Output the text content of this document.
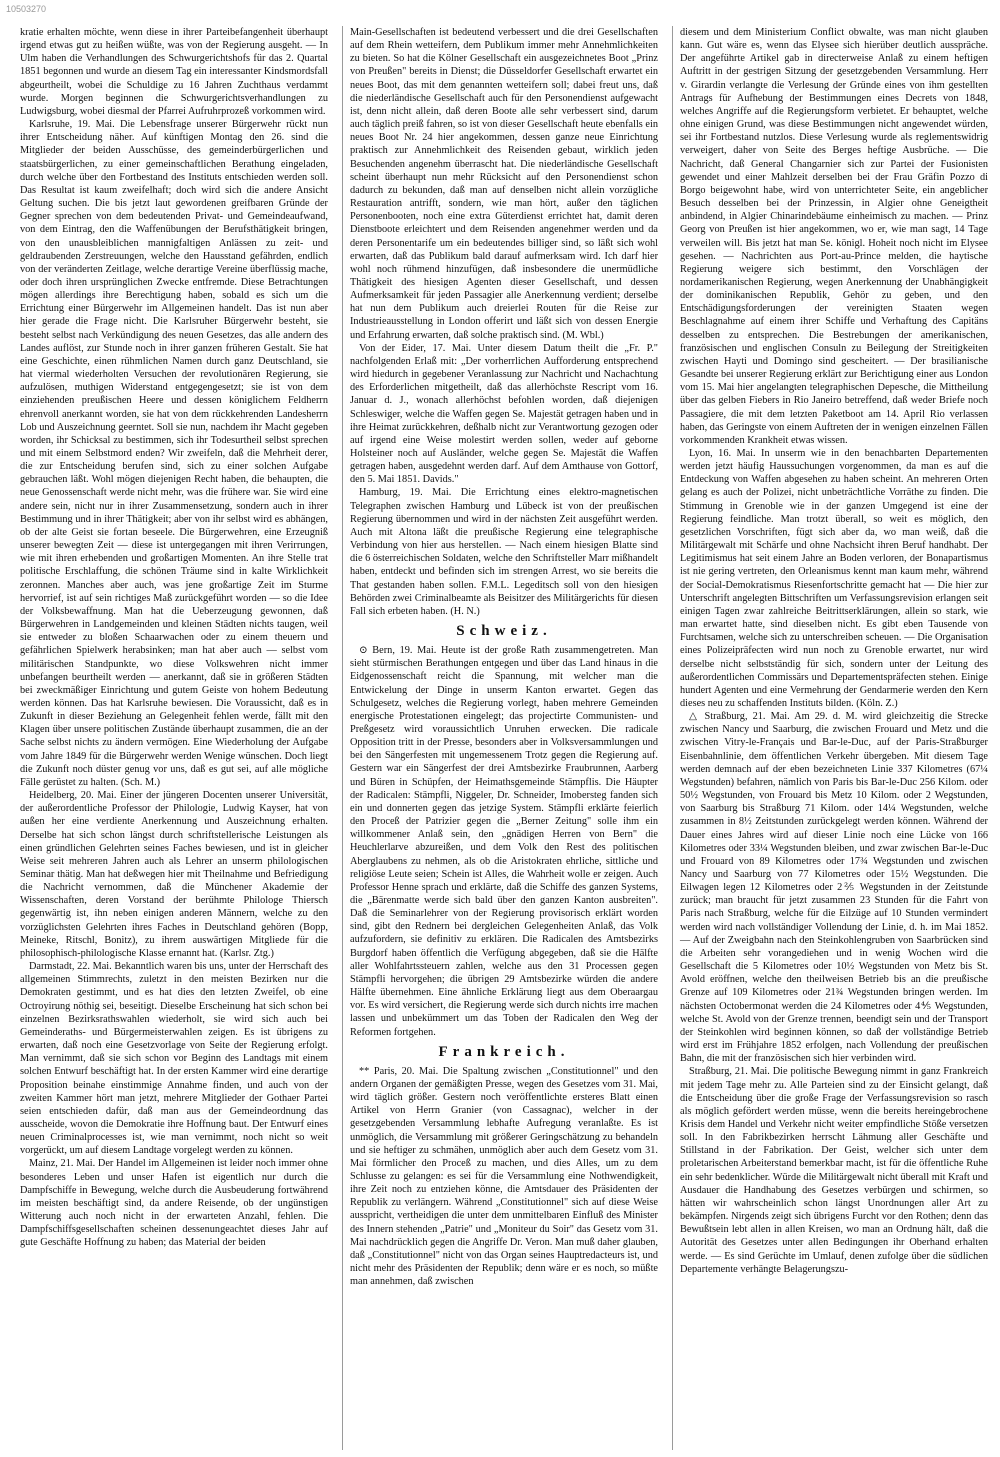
10503270

kratie erhalten möchte, wenn diese in ihrer Parteibefangenheit überhaupt irgend etwas gut zu heißen wüßte, was von der Regierung ausgeht. — In Ulm haben die Verhandlungen des Schwurgerichtshofs für das 2. Quartal 1851 begonnen und wurde an diesem Tag ein interessanter Kindsmordsfall abgeurtheilt, wobei die Schuldige zu 16 Jahren Zuchthaus verdammt wurde. Morgen beginnen die Schwurgerichtsverhandlungen zu Ludwigsburg, wobei diesmal der Pfarrei Aufruhrprozeß vorkommen wird.

Karlsruhe, 19. Mai. Die Lebensfrage unserer Bürgerwehr rückt nun ihrer Entscheidung näher. Auf künftigen Montag den 26. sind die Mitglieder der beiden Ausschüsse, des gemeinderbürgerlichen und staatsbürgerlichen, zu einer gemeinschaftlichen Berathung eingeladen, durch welche über den Fortbestand des Instituts entschieden werden soll. Das Resultat ist kaum zweifelhaft; doch wird sich die andere Ansicht Geltung suchen. Die bis jetzt laut gewordenen greifbaren Gründe der Gegner sprechen von dem bedeutenden Privat- und Gemeindeaufwand, von dem Eintrag, den die Waffenübungen der Berufsthätigkeit bringen, von den unausbleiblichen mannigfaltigen Anlässen zu zeit- und geldraubenden Zerstreuungen, welche den Hausstand gefährden, endlich von der veränderten Zeitlage, welche derartige Vereine überflüssig mache, oder doch ihren ursprünglichen Zwecke entfremde. Diese Betrachtungen mögen allerdings ihre Berechtigung haben, sobald es sich um die Errichtung einer Bürgerwehr im Allgemeinen handelt. Das ist nun aber hier gerade die Frage nicht. Die Karlsruher Bürgerwehr besteht, sie besteht selbst nach Verkündigung des neuen Gesetzes, das alle andern des Landes auflöst, zur Stunde noch in ihrer ganzen früheren Gestalt. Sie hat eine Geschichte, einen rühmlichen Namen durch ganz Deutschland, sie hat viermal wiederholten Versuchen der revolutionären Regierung, sie aufzulösen, muthigen Widerstand entgegengesetzt; sie ist von dem einziehenden preußischen Heere und dessen königlichem Feldherrn ehrenvoll anerkannt worden, sie hat von dem rückkehrenden Landesherrn Lob und Auszeichnung geerntet. Soll sie nun, nachdem ihr Macht gegeben worden, ihr Schicksal zu bestimmen, sich ihr Todesurtheil selbst sprechen und mit einem Selbstmord enden? Wir zweifeln, daß die Mehrheit derer, die zur Entscheidung berufen sind, sich zu einer solchen Aufgabe gebrauchen läßt. Wohl mögen diejenigen Recht haben, die behaupten, die neue Genossenschaft werde nicht mehr, was die frühere war. Sie wird eine andere sein, nicht nur in ihrer Zusammensetzung, sondern auch in ihrer Bestimmung und in ihrer Thätigkeit; aber von ihr selbst wird es abhängen, ob der alte Geist sie fortan beseele. Die Bürgerwehren, eine Erzeugniß unserer bewegten Zeit — diese ist untergegangen mit ihren Verirrungen, wie mit ihren erhebenden und großartigen Momenten. An ihre Stelle trat politische Erschlaffung, die schönen Träume sind in kalte Wirklichkeit zeronnen. Manches aber auch, was jene großartige Zeit im Sturme hervorrief, ist auf sein richtiges Maß zurückgeführt worden — so die Idee der Volksbewaffnung. Man hat die Ueberzeugung gewonnen, daß Bürgerwehren in Landgemeinden und kleinen Städten nichts taugen, weil sie entweder zu bloßen Schaarwachen oder zu einem theuern und gefährlichen Spielwerk herabsinken; man hat aber auch — selbst vom militärischen Standpunkte, wo diese Volkswehren nicht immer unbefangen beurtheilt werden — anerkannt, daß sie in größeren Städten bei zweckmäßiger Einrichtung und gutem Geiste von hohem Bedeutung werden können. Das hat Karlsruhe bewiesen. Die Voraussicht, daß es in Zukunft in dieser Beziehung an Gelegenheit fehlen werde, fällt mit den Klagen über unsere politischen Zustände überhaupt zusammen, die an der Sache selbst nichts zu ändern vermögen. Eine Wiederholung der Aufgabe vom Jahre 1849 für die Bürgerwehr werden Wenige wünschen. Doch liegt die Zukunft noch düster genug vor uns, daß es gut sei, auf alle mögliche Fälle gerüstet zu halten. (Sch. M.)

Heidelberg, 20. Mai. Einer der jüngeren Docenten unserer Universität, der außerordentliche Professor der Philologie, Ludwig Kayser, hat von außen her eine verdiente Anerkennung und Auszeichnung erhalten. Derselbe hat sich schon längst durch schriftstellerische Leistungen als einen gründlichen Gelehrten seines Faches bewiesen, und ist in gleicher Weise seit mehreren Jahren auch als Lehrer an unserm philologischen Seminar thätig. Man hat deßwegen hier mit Theilnahme und Befriedigung die Nachricht vernommen, daß die Münchener Akademie der Wissenschaften, deren Vorstand der berühmte Philologe Thiersch gegenwärtig ist, ihn neben einigen anderen Männern, welche zu den vorzüglichsten Gelehrten ihres Faches in Deutschland gehören (Bopp, Meineke, Ritschl, Bonitz), zu ihrem auswärtigen Mitgliede für die philosophisch-philologische Klasse ernannt hat. (Karlsr. Ztg.)

Darmstadt, 22. Mai. Bekanntlich waren bis uns, unter der Herrschaft des allgemeinen Stimmrechts, zuletzt in den meisten Bezirken nur die Demokraten gestimmt, und es hat dies den letzten Zweifel, ob eine Octroyirung nöthig sei, beseitigt. Dieselbe Erscheinung hat sich schon bei einzelnen Bezirksrathswahlen wiederholt, sie wird sich auch bei Gemeinderaths- und Bürgermeisterwahlen zeigen. Es ist übrigens zu erwarten, daß noch eine Gesetzvorlage von Seite der Regierung erfolgt. Man vernimmt, daß sie sich schon vor Beginn des Landtags mit einem solchen Entwurf beschäftigt hat. In der ersten Kammer wird eine derartige Proposition beinahe einstimmige Annahme finden, und auch von der zweiten Kammer hört man jetzt, mehrere Mitglieder der Gothaer Partei seien entschieden dafür, daß man aus der Gemeindeordnung das ausscheide, wovon die Demokratie ihre Hoffnung baut. Der Entwurf eines neuen Criminalprocesses ist, wie man vernimmt, noch nicht so weit vorgerückt, um auf diesem Landtage vorgelegt werden zu können.

Mainz, 21. Mai. Der Handel im Allgemeinen ist leider noch immer ohne besonderes Leben und unser Hafen ist eigentlich nur durch die Dampfschiffe in Bewegung, welche durch die Ausbeuderung fortwährend im meisten beschäftigt sind, da andere Reisende, ob der ungünstigen Witterung auch noch nicht in der erwarteten Anzahl, fehlen. Die Dampfschiffsgesellschaften scheinen dessenungeachtet dieses Jahr auf gute Geschäfte Hoffnung zu haben; das Material der beiden

Main-Gesellschaften ist bedeutend verbessert und die drei Gesellschaften auf dem Rhein wetteifern, dem Publikum immer mehr Annehmlichkeiten zu bieten. So hat die Kölner Gesellschaft ein ausgezeichnetes Boot „Prinz von Preußen" bereits in Dienst; die Düsseldorfer Gesellschaft erwartet ein neues Boot, das mit dem genannten wetteifern soll; dabei freut uns, daß die niederländische Gesellschaft auch für den Personendienst aufgewacht ist, denn nicht allein, daß deren Boote alle sehr verbessert sind, darum auch täglich preiß fahren, so ist von dieser Gesellschaft heute ebenfalls ein neues Boot Nr. 24 hier angekommen, dessen ganze neue Einrichtung praktisch zur Annehmlichkeit des Reisenden gebaut, wirklich jeden Besuchenden angenehm überrascht hat. Die niederländische Gesellschaft scheint überhaupt nun mehr Rücksicht auf den Personendienst schon dadurch zu bekunden, daß man auf denselben nicht allein vorzügliche Restauration antrifft, sondern, wie man hört, außer den täglichen Personenbooten, noch eine extra Güterdienst errichtet hat, damit deren Dienstboote erleichtert und dem Reisenden angenehmer werden und da deren Personentarife um ein bedeutendes billiger sind, so läßt sich wohl erwarten, daß das Publikum bald darauf aufmerksam wird. Ich darf hier wohl noch rühmend hinzufügen, daß insbesondere die unermüdliche Thätigkeit des hiesigen Agenten dieser Gesellschaft, und dessen Aufmerksamkeit für jeden Passagier alle Anerkennung verdient; derselbe hat nun dem Publikum auch dreierlei Routen für die Reise zur Industrieausstellung in London offerirt und läßt sich von dessen Energie und Erfahrung erwarten, daß solche praktisch sind. (M. Wbl.)

Von der Eider, 17. Mai. Unter diesem Datum theilt die „Fr. P." nachfolgenden Erlaß mit: „Der vorherrlichen Aufforderung entsprechend wird hiedurch in gegebener Veranlassung zur Nachricht und Nachachtung des Erforderlichen mitgetheilt, daß das allerhöchste Rescript vom 16. Januar d. J., wonach allerhöchst befohlen worden, daß diejenigen Schleswiger, welche die Waffen gegen Se. Majestät getragen haben und in ihre Heimat zurückkehren, deßhalb nicht zur Verantwortung gezogen oder auf irgend eine Weise molestirt werden sollen, weder auf geborne Holsteiner noch auf Ausländer, welche gegen Se. Majestät die Waffen getragen haben, ausgedehnt werden darf. Auf dem Amthause von Gottorf, den 5. Mai 1851. Davids."

Hamburg, 19. Mai. Die Errichtung eines elektro-magnetischen Telegraphen zwischen Hamburg und Lübeck ist von der preußischen Regierung übernommen und wird in der nächsten Zeit ausgeführt werden. Auch mit Altona läßt die preußische Regierung eine telegraphische Verbindung von hier aus herstellen. — Nach einem hiesigen Blatte sind die 6 österreichischen Soldaten, welche den Schriftsteller Marr mißhandelt haben, entdeckt und befinden sich im strengen Arrest, wo sie bereits die That gestanden haben sollen. F.M.L. Legeditsch soll von den hiesigen Behörden zwei Criminalbeamte als Beisitzer des Militärgerichts für diesen Fall sich erbeten haben. (H. N.)

Schweiz.

⊙ Bern, 19. Mai. Heute ist der große Rath zusammengetreten. Man sieht stürmischen Berathungen entgegen und über das Land hinaus in die Eidgenossenschaft reicht die Spannung, mit welcher man die Entwickelung der Dinge in unserm Kanton erwartet. Gegen das Schulgesetz, welches die Regierung vorlegt, haben mehrere Gemeinden energische Protestationen eingelegt; das projectirte Communisten- und Preßgesetz wird voraussichtlich Unruhen erwecken. Die radicale Opposition tritt in der Presse, besonders aber in Volksversammlungen und bei den Sängerfesten mit ungemessenem Trotz gegen die Regierung auf. Gestern war ein Sängerfest der drei Amtsbezirke Fraubrunnen, Aarberg und Büren in Schüpfen, der Heimathsgemeinde Stämpflis. Die Häupter der Radicalen: Stämpfli, Niggeler, Dr. Schneider, Imobersteg fanden sich ein und donnerten gegen das jetzige System. Stämpfli erklärte feierlich den Proceß der Patrizier gegen die „Berner Zeitung" solle ihm ein willkommener Anlaß sein, den „gnädigen Herren von Bern" die Heuchlerlarve abzureißen, und dem Volk den Rest des politischen Aberglaubens zu nehmen, als ob die Aristokraten ehrliche, sittliche und religiöse Leute seien; Schein ist Alles, die Wahrheit wolle er zeigen. Auch Professor Henne sprach und erklärte, daß die Schiffe des ganzen Systems, die „Bärenmatte werde sich bald über den ganzen Kanton ausbreiten". Daß die Seminarlehrer von der Regierung provisorisch erklärt worden sind, gibt den Rednern bei dergleichen Gelegenheiten Anlaß, das Volk aufzufordern, sie definitiv zu erklären. Die Radicalen des Amtsbezirks Burgdorf haben öffentlich die Verfügung abgegeben, daß sie die Hälfte aller Wohlfahrtssteuern zahlen, welche aus den 31 Processen gegen Stämpfli hervorgehen; die übrigen 29 Amtsbezirke würden die andere Hälfte übernehmen. Eine ähnliche Erklärung liegt aus dem Oberaargau vor. Es wird versichert, die Regierung werde sich durch nichts irre machen lassen und unbekümmert um das Toben der Radicalen den Weg der Reformen fortgehen.

Frankreich.

** Paris, 20. Mai. Die Spaltung zwischen „Constitutionnel" und den andern Organen der gemäßigten Presse, wegen des Gesetzes vom 31. Mai, wird täglich größer. Gestern noch veröffentlichte ersteres Blatt einen Artikel von Herrn Granier (von Cassagnac), welcher in der gesetzgebenden Versammlung lebhafte Aufregung veranlaßte. Es ist unmöglich, die Versammlung mit größerer Geringschätzung zu behandeln und sie heftiger zu schmähen, unmöglich aber auch dem Gesetz vom 31. Mai förmlicher den Proceß zu machen, und dies Alles, um zu dem Schlusse zu gelangen: es sei für die Versammlung eine Nothwendigkeit, ihre Zeit noch zu entziehen könne, die Amtsdauer des Präsidenten der Republik zu verlängern. Während „Constitutionnel" sich auf diese Weise ausspricht, vertheidigen die unter dem unmittelbaren Einfluß des Minister des Innern stehenden „Patrie" und „Moniteur du Soir" das Gesetz vom 31. Mai nachdrücklich gegen die Angriffe Dr. Veron. Man muß daher glauben, daß „Constitutionnel" nicht von das Organ seines Hauptredacteurs ist, und nicht mehr des Präsidenten der Republik; denn wäre er es noch, so müßte man annehmen, daß zwischen

diesem und dem Ministerium Conflict obwalte, was man nicht glauben kann. Gut wäre es, wenn das Elysee sich hierüber deutlich ausspräche. Der angeführte Artikel gab in directerweise Anlaß zu einem heftigen Auftritt in der gestrigen Sitzung der gesetzgebenden Versammlung. Herr v. Girardin verlangte die Verlesung der Gründe eines von ihm gestellten Antrags für Aufhebung der Bestimmungen eines Decrets von 1848, welches Angriffe auf die Regierungsform verbietet. Er behauptet, welche ohne einigen Grund, was diese Bestimmungen nicht angewendet würden, sei ihr Fortbestand nutzlos. Diese Verlesung wurde als reglementswidrig verweigert, daher von Seite des Berges heftige Ausbrüche. — Die Nachricht, daß General Changarnier sich zur Partei der Fusionisten gewendet und einer Mahlzeit derselben bei der Frau Gräfin Pozzo di Borgo beigewohnt habe, wird von unterrichteter Seite, ein angeblicher Besuch desselben bei der Prinzessin, in Algier ohne Geneigtheit anbindend, in Algier Chinarindebäume einheimisch zu machen. — Prinz Georg von Preußen ist hier angekommen, wo er, wie man sagt, 14 Tage verweilen will. Bis jetzt hat man Se. königl. Hoheit noch nicht im Elysee gesehen. — Nachrichten aus Port-au-Prince melden, die haytische Regierung weigere sich bestimmt, den Vorschlägen der nordamerikanischen Regierung, wegen Anerkennung der Unabhängigkeit der dominikanischen Republik, Gehör zu geben, und den Entschädigungsforderungen der vereinigten Staaten wegen Beschlagnahme auf einem ihrer Schiffe und Verhaftung des Capitäns desselben zu entsprechen. Die Bestrebungen der amerikanischen, französischen und englischen Consuln zu Beilegung der Streitigkeiten zwischen Hayti und Domingo sind gescheitert. — Der brasilianische Gesandte bei unserer Regierung erklärt zur Berichtigung einer aus London vom 15. Mai hier angelangten telegraphischen Depesche, die Mittheilung über das gelben Fiebers in Rio Janeiro betreffend, daß weder Briefe noch Passagiere, die mit dem letzten Paketboot am 14. April Rio verlassen haben, das Geringste von einem Auftreten der in wenigen einzelnen Fällen vorkommenden Krankheit etwas wissen.

Lyon, 16. Mai. In unserm wie in den benachbarten Departementen werden jetzt häufig Haussuchungen vorgenommen, da man es auf die Entdeckung von Waffen abgesehen zu haben scheint. An mehreren Orten gelang es auch der Polizei, nicht unbeträchtliche Vorräthe zu finden. Die Stimmung in Grenoble wie in der ganzen Umgegend ist eine der Regierung feindliche. Man trotzt überall, so weit es möglich, den gesetzlichen Vorschriften, fügt sich aber da, wo man weiß, daß die Militärgewalt mit Schärfe und ohne Nachsicht ihren Beruf handhabt. Der Legitimismus hat seit einem Jahre an Boden verloren, der Bonapartismus ist nie gering vertreten, den Orleanismus kennt man kaum mehr, während der Social-Demokratismus Riesenfortschritte gemacht hat — Die hier zur Unterschrift angelegten Bittschriften um Verfassungsrevision erlangen seit einigen Tagen zwar zahlreiche Beitrittserklärungen, allein so stark, wie man erwartet hatte, sind dieselben nicht. Es gibt eben Tausende von Furchtsamen, welche sich zu unterschreiben scheuen. — Die Organisation eines Polizeipräfecten wird nun noch zu Grenoble erwartet, nur wird derselbe nicht selbstständig für sich, sondern unter der Leitung des außerordentlichen Commissärs und Departementspräfecten stehen. Einige hundert Agenten und eine Vermehrung der Gendarmerie werden den Kern dieses neu zu schaffenden Instituts bilden. (Köln. Z.)

△ Straßburg, 21. Mai. Am 29. d. M. wird gleichzeitig die Strecke zwischen Nancy und Saarburg, die zwischen Frouard und Metz und die zwischen Vitry-le-Français und Bar-le-Duc, auf der Paris-Straßburger Eisenbahnlinie, dem öffentlichen Verkehr übergeben. Mit diesem Tage werden demnach auf der eben bezeichneten Linie 337 Kilometres (67¼ Wegstunden) befahren, nämlich von Paris bis Bar-le-Duc 256 Kilom. oder 50½ Wegstunden, von Frouard bis Metz 10 Kilom. oder 2 Wegstunden, von Saarburg bis Straßburg 71 Kilom. oder 14¼ Wegstunden, welche zusammen in 8½ Zeitstunden zurückgelegt werden können. Während der Dauer eines Jahres wird auf dieser Linie noch eine Lücke von 166 Kilometres oder 33¼ Wegstunden bleiben, und zwar zwischen Bar-le-Duc und Frouard von 89 Kilometres oder 17¾ Wegstunden und zwischen Nancy und Saarburg von 77 Kilometres oder 15½ Wegstunden. Die Eilwagen legen 12 Kilometres oder 2⅖ Wegstunden in der Zeitstunde zurück; man braucht für jetzt zusammen 23 Stunden für die Fahrt von Paris nach Straßburg, welche für die Eilzüge auf 10 Stunden vermindert werden wird nach vollständiger Vollendung der Linie, d. h. im Mai 1852. — Auf der Zweigbahn nach den Steinkohlengruben von Saarbrücken sind die Arbeiten sehr vorangediehen und in wenig Wochen wird die Gesellschaft die 5 Kilometres oder 10½ Wegstunden von Metz bis St. Avold eröffnen, welche den theilweisen Betrieb bis an die preußische Grenze auf 109 Kilometres oder 21¾ Wegstunden bringen werden. Im nächsten Octobermonat werden die 24 Kilometres oder 4⅘ Wegstunden, welche St. Avold von der Grenze trennen, beendigt sein und der Transport der Steinkohlen wird beginnen können, so daß der vollständige Betrieb wird erst im Frühjahre 1852 erfolgen, nach Vollendung der preußischen Bahn, die mit der französischen sich hier verbinden wird.

Straßburg, 21. Mai. Die politische Bewegung nimmt in ganz Frankreich mit jedem Tage mehr zu. Alle Parteien sind zu der Einsicht gelangt, daß die Entscheidung über die große Frage der Verfassungsrevision so rasch als möglich gefördert werden müsse, wenn die bereits hereingebrochene Krisis dem Handel und Verkehr nicht weiter empfindliche Stöße versetzen soll. In den Fabrikbezirken herrscht Lähmung aller Geschäfte und Stillstand in der Fabrikation. Der Geist, welcher sich unter dem proletarischen Arbeiterstand bemerkbar macht, ist für die öffentliche Ruhe ein sehr bedenklicher. Würde die Militärgewalt nicht überall mit Kraft und Ausdauer die Handhabung des Gesetzes verbürgen und schirmen, so hätten wir wahrscheinlich schon längst Unordnungen aller Art zu bekämpfen. Nirgends zeigt sich übrigens Furcht vor den Rothen; denn das Bewußtsein lebt allen in allen Kreisen, wo man an Ordnung hält, daß die Autorität des Gesetzes unter allen Bedingungen ihr Oberhand erhalten werde. — Es sind Gerüchte im Umlauf, denen zufolge über die südlichen Departemente verhängte Belagerungszu-
